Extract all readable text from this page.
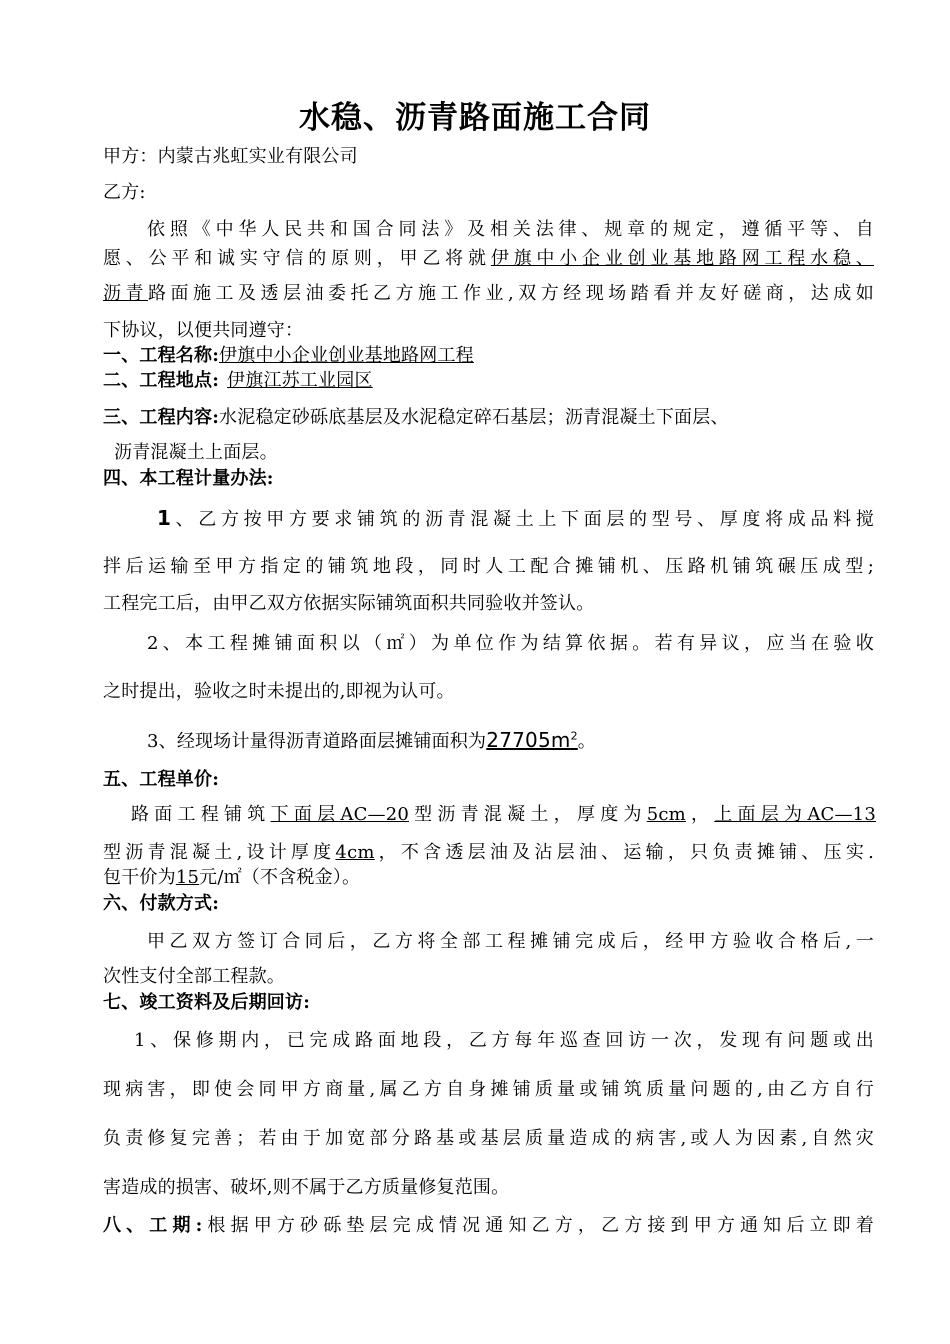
水稳、沥青路面施工合同
甲方：内蒙古兆虹实业有限公司
乙方:
依照《中华人民共和国合同法》及相关法律、规章的规定，遵循平等、自
愿、公平和诚实守信的原则，甲乙将就伊旗中小企业创业基地路网工程水稳、
沥青路面施工及透层油委托乙方施工作业,双方经现场踏看并友好磋商，达成如
下协议，以便共同遵守：
一、工程名称:伊旗中小企业创业基地路网工程
二、工程地点: 伊旗江苏工业园区
三、工程内容:水泥稳定砂砾底基层及水泥稳定碎石基层；沥青混凝土下面层、
沥青混凝土上面层。
四、本工程计量办法:
1、乙方按甲方要求铺筑的沥青混凝土上下面层的型号、厚度将成品料搅
拌后运输至甲方指定的铺筑地段，同时人工配合摊铺机、压路机铺筑碾压成型;
工程完工后，由甲乙双方依据实际铺筑面积共同验收并签认。
2、本工程摊铺面积以（㎡）为单位作为结算依据。若有异议，应当在验收
之时提出，验收之时未提出的,即视为认可。
3、经现场计量得沥青道路面层摊铺面积为$27705m^2$。
五、工程单价:
路面工程铺筑下面层AC—20型沥青混凝土，厚度为5cm，上面层为AC—13
型沥青混凝土,设计厚度4cm，不含透层油及沾层油、运输，只负责摊铺、压实.
包干价为15元/㎡（不含税金）。
六、付款方式:
甲乙双方签订合同后，乙方将全部工程摊铺完成后，经甲方验收合格后,一
次性支付全部工程款。
七、竣工资料及后期回访:
1、保修期内，已完成路面地段，乙方每年巡查回访一次，发现有问题或出
现病害，即使会同甲方商量,属乙方自身摊铺质量或铺筑质量问题的,由乙方自行
负责修复完善；若由于加宽部分路基或基层质量造成的病害,或人为因素,自然灾
害造成的损害、破坏,则不属于乙方质量修复范围。
八、工期:根据甲方砂砾垫层完成情况通知乙方，乙方接到甲方通知后立即着
